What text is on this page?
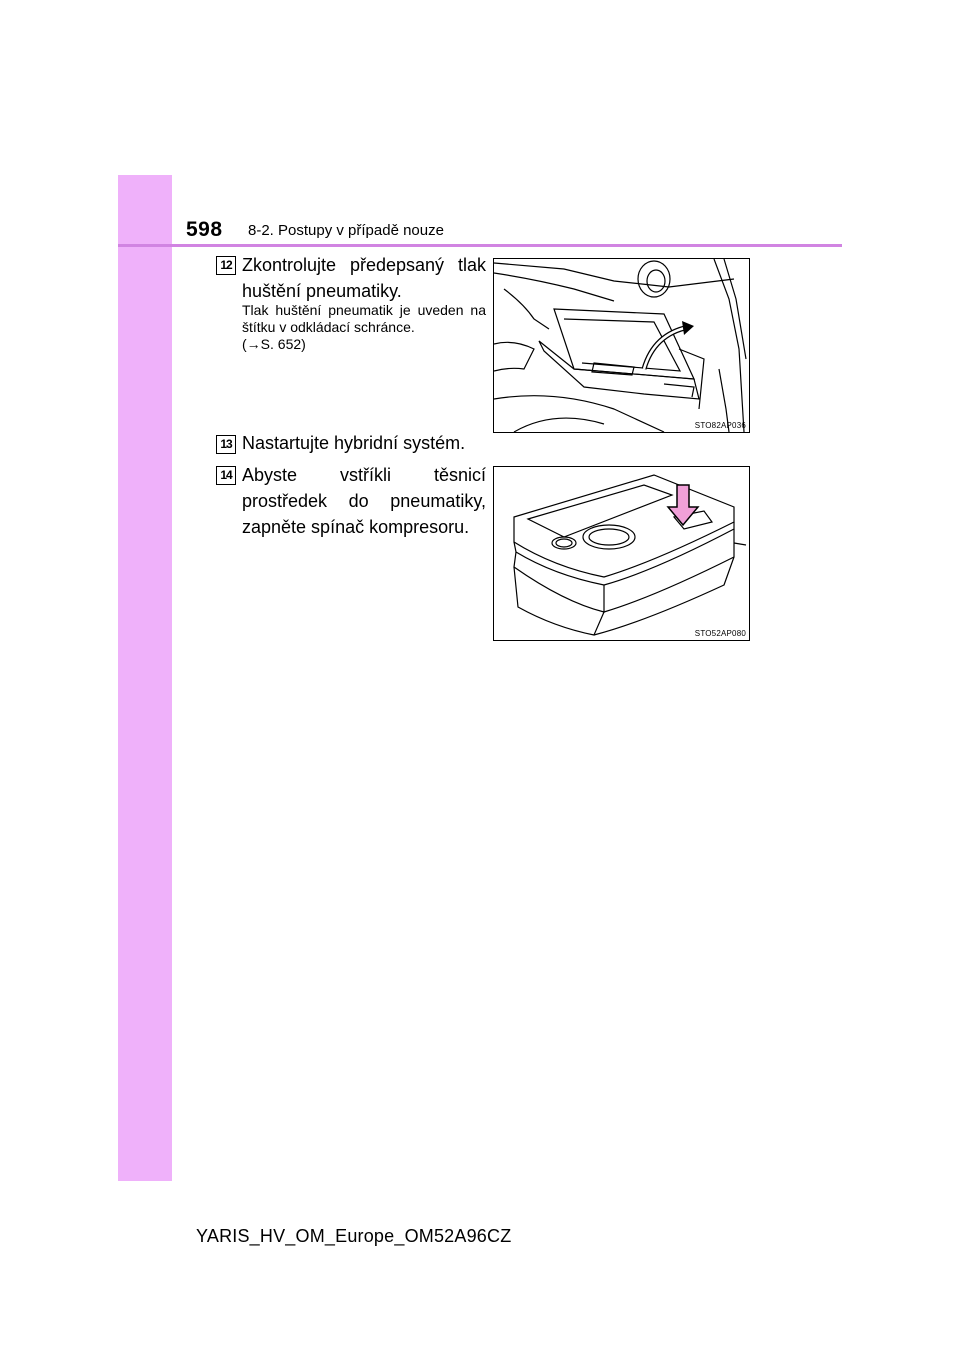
598 8-2. Postupy v případě nouze
12 Zkontrolujte předepsaný tlak huštění pneumatiky.
Tlak huštění pneumatik je uveden na štítku v odkládací schránce.
(→S. 652)
STO82AP036
13 Nastartujte hybridní systém.
14 Abyste vstříkli těsnicí prostředek do pneumatiky, zapněte spínač kompresoru.
STO52AP080
YARIS_HV_OM_Europe_OM52A96CZ
